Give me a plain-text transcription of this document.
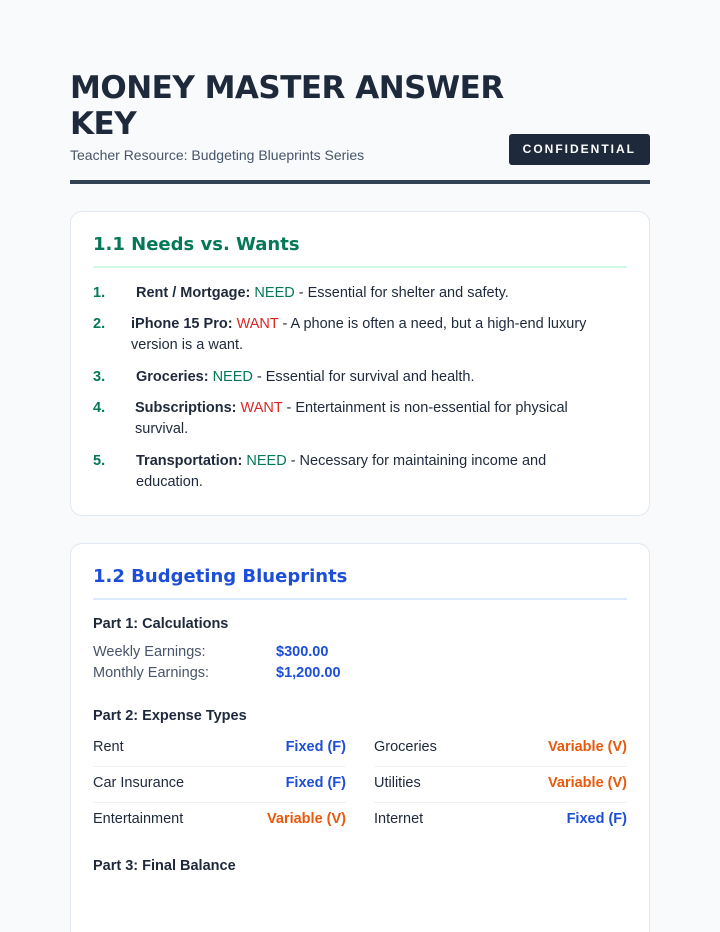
MONEY MASTER ANSWER KEY
Teacher Resource: Budgeting Blueprints Series	CONFIDENTIAL
1.1 Needs vs. Wants
1.	Rent / Mortgage: NEED - Essential for shelter and safety.
2.	iPhone 15 Pro: WANT - A phone is often a need, but a high-end luxury version is a want.
3.	Groceries: NEED - Essential for survival and health.
4.	Subscriptions: WANT - Entertainment is non-essential for physical survival.
5.	Transportation: NEED - Necessary for maintaining income and education.
1.2 Budgeting Blueprints
Part 1: Calculations
Weekly Earnings:	$300.00
Monthly Earnings:	$1,200.00
Part 2: Expense Types
Rent	Fixed (F)
Car Insurance	Fixed (F)
Entertainment	Variable (V)
Groceries	Variable (V)
Utilities	Variable (V)
Internet	Fixed (F)
Part 3: Final Balance
